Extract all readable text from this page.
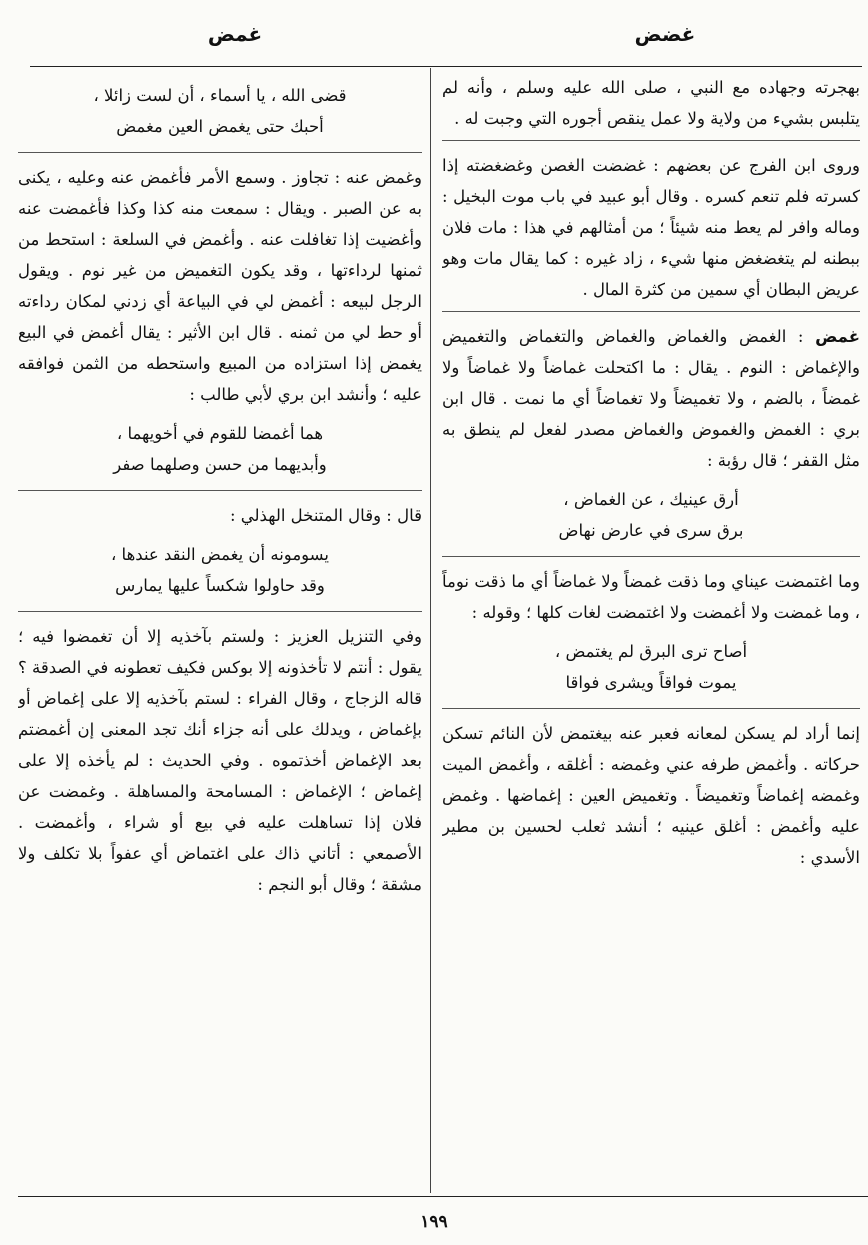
غضض
غمض

بهجرته وجهاده مع النبي ، صلى الله عليه وسلم ، وأنه لم يتلبس بشيء من ولاية ولا عمل ينقص أجوره التي وجبت له .

وروى ابن الفرج عن بعضهم : غضضت الغصن وغضغضته إذا كسرته فلم تنعم كسره . وقال أبو عبيد في باب موت البخيل : وماله وافر لم يعط منه شيئاً ؛ من أمثالهم في هذا : مات فلان ببطنه لم يتغضغض منها شيء ، زاد غيره : كما يقال مات وهو عريض البطان أي سمين من كثرة المال .

غمض : الغمض والغماض والغماض والتغماض والتغميض والإغماض : النوم . يقال : ما اكتحلت غماضاً ولا غماضاً ولا غمضاً ، بالضم ، ولا تغميضاً ولا تغماضاً أي ما نمت . قال ابن بري : الغمض والغموض والغماض مصدر لفعل لم ينطق به مثل القفر ؛ قال رؤبة :

أرق عينيك ، عن الغماض ،
برق سرى في عارض نهاض

وما اغتمضت عيناي وما ذقت غمضاً ولا غماضاً أي ما ذقت نوماً ، وما غمضت ولا أغمضت ولا اغتمضت لغات كلها ؛ وقوله :

أصاح ترى البرق لم يغتمض ،
يموت فواقاً ويشرى فواقا

إنما أراد لم يسكن لمعانه فعبر عنه بيغتمض لأن النائم تسكن حركاته . وأغمض طرفه عني وغمضه : أغلقه ، وأغمض الميت وغمضه إغماضاً وتغميضاً . وتغميض العين : إغماضها . وغمض عليه وأغمض : أغلق عينيه ؛ أنشد ثعلب لحسين بن مطير الأسدي :

قضى الله ، يا أسماء ، أن لست زائلا ،
أحبك حتى يغمض العين مغمض

وغمض عنه : تجاوز . وسمع الأمر فأغمض عنه وعليه ، يكنى به عن الصبر . ويقال : سمعت منه كذا وكذا فأغمضت عنه وأغضيت إذا تغافلت عنه . وأغمض في السلعة : استحط من ثمنها لرداءتها ، وقد يكون التغميض من غير نوم . ويقول الرجل لبيعه : أغمض لي في البياعة أي زدني لمكان رداءته أو حط لي من ثمنه . قال ابن الأثير : يقال أغمض في البيع يغمض إذا استزاده من المبيع واستحطه من الثمن فوافقه عليه ؛ وأنشد ابن بري لأبي طالب :

هما أغمضا للقوم في أخويهما ،
وأبديهما من حسن وصلهما صفر

قال : وقال المتنخل الهذلي :

يسومونه أن يغمض النقد عندها ،
وقد حاولوا شكساً عليها يمارس

وفي التنزيل العزيز : ولستم بآخذيه إلا أن تغمضوا فيه ؛ يقول : أنتم لا تأخذونه إلا بوكس فكيف تعطونه في الصدقة ؟ قاله الزجاج ، وقال الفراء : لستم بآخذيه إلا على إغماض أو بإغماض ، ويدلك على أنه جزاء أنك تجد المعنى إن أغمضتم بعد الإغماض أخذتموه . وفي الحديث : لم يأخذه إلا على إغماض ؛ الإغماض : المسامحة والمساهلة . وغمضت عن فلان إذا تساهلت عليه في بيع أو شراء ، وأغمضت . الأصمعي : أتاني ذاك على اغتماض أي عفواً بلا تكلف ولا مشقة ؛ وقال أبو النجم :

١٩٩
